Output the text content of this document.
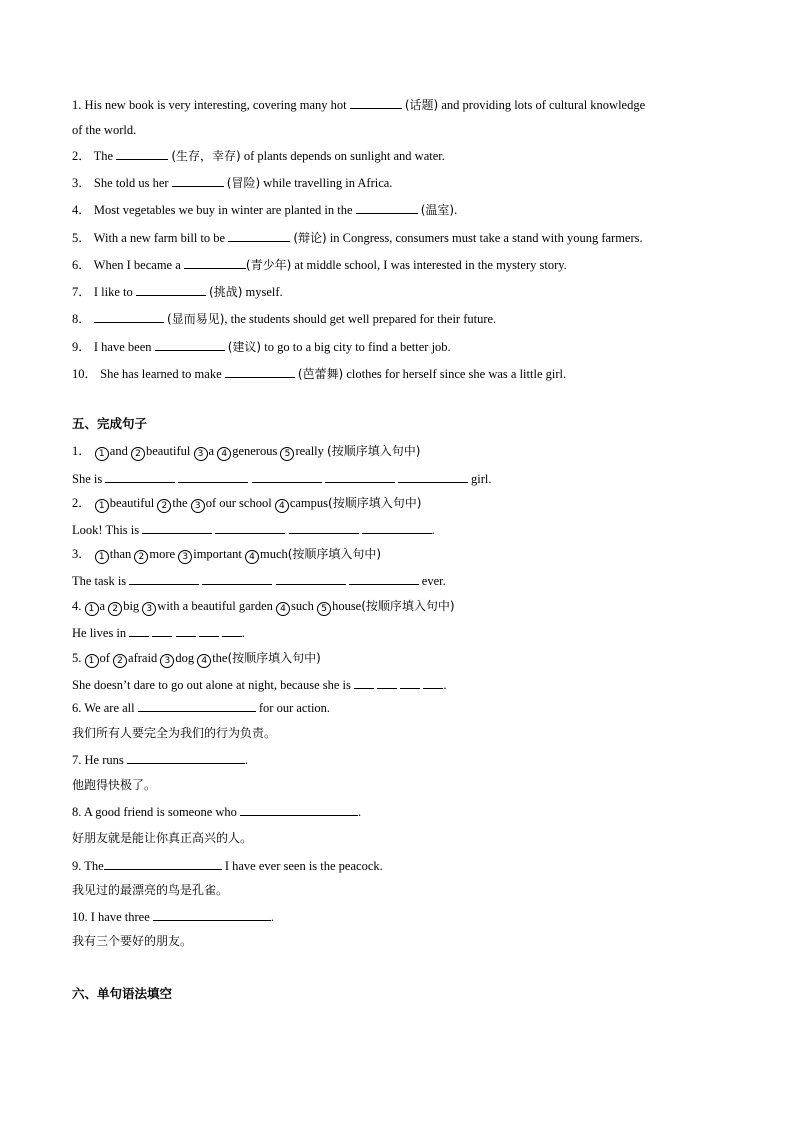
1. His new book is very interesting, covering many hot	(话题) and providing lots of cultural knowledge
of the world.
2． The	(生存，幸存) of plants depends on sunlight and water.
3． She told us her	(冒险) while travelling in Africa.
4． Most vegetables we buy in winter are planted in the	(温室).
5． With a new farm bill to be	(辩论) in Congress, consumers must take a stand with young farmers.
6． When I became a	(青少年) at middle school, I was interested in the mystery story.
7． I like to	(挑战) myself.
8．	(显而易见), the students should get well prepared for their future.
9． I have been	(建议) to go to a big city to find a better job.
10． She has learned to make	(芭蕾舞) clothes for herself since she was a little girl.
五、完成句子
1． 1 and 2 beautiful 3 a 4 generous 5 really (按顺序填入句中)
She is	girl.
2． 1 beautiful 2 the 3 of our school 4 campus(按顺序填入句中)
Look! This is	.
3． 1 than 2 more 3 important 4 much(按顺序填入句中)
The task is	ever.
4. 1 a 2 big 3 with a beautiful garden 4 such 5 house(按顺序填入句中)
He lives in	.
5. 1 of 2 afraid 3 dog 4 the(按顺序填入句中)
She doesn’t dare to go out alone at night, because she is	.
6. We are all	for our action.
我们所有人要完全为我们的行为负责。
7. He runs	.
他跑得快极了。
8. A good friend is someone who	.
好朋友就是能让你真正高兴的人。
9. The	I have ever seen is the peacock.
我见过的最漂亮的鸟是孔雀。
10. I have three	.
我有三个要好的朋友。
六、单句语法填空
